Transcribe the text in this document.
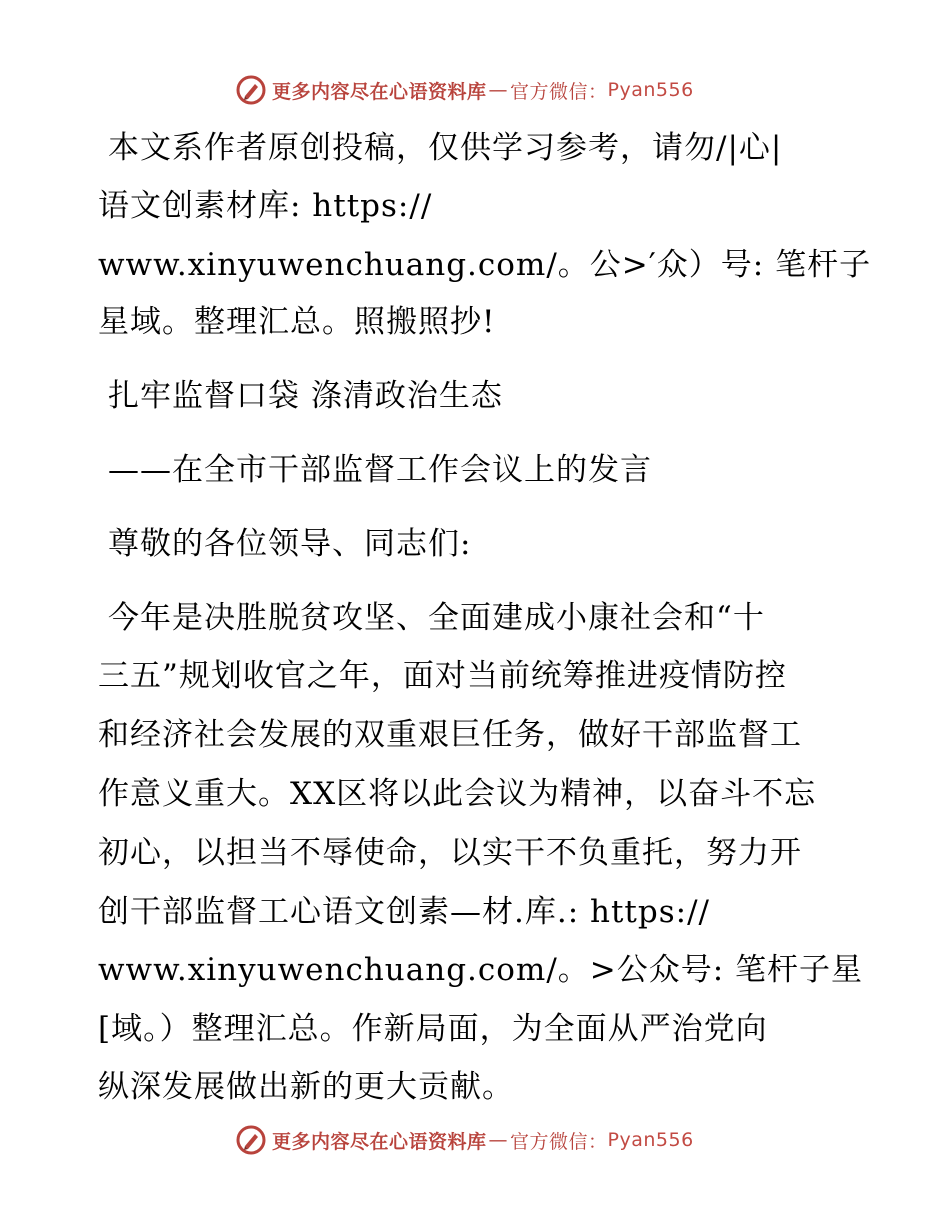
更多内容尽在心语资料库 — 官方微信： Pyan556
本文系作者原创投稿，仅供学习参考，请勿/|心|
语文创素材库: https://
www.xinyuwenchuang.com/。公>′众）号: 笔杆子
星域。整理汇总。照搬照抄!
扎牢监督口袋 涤清政治生态
——在全市干部监督工作会议上的发言
尊敬的各位领导、同志们:
今年是决胜脱贫攻坚、全面建成小康社会和“十
三五”规划收官之年，面对当前统筹推进疫情防控
和经济社会发展的双重艰巨任务，做好干部监督工
作意义重大。XX区将以此会议为精神，以奋斗不忘
初心，以担当不辱使命，以实干不负重托，努力开
创干部监督工心语文创素—材.库.: https://
www.xinyuwenchuang.com/。>公众号: 笔杆子星
[域。）整理汇总。作新局面，为全面从严治党向
纵深发展做出新的更大贡献。
更多内容尽在心语资料库 — 官方微信： Pyan556
